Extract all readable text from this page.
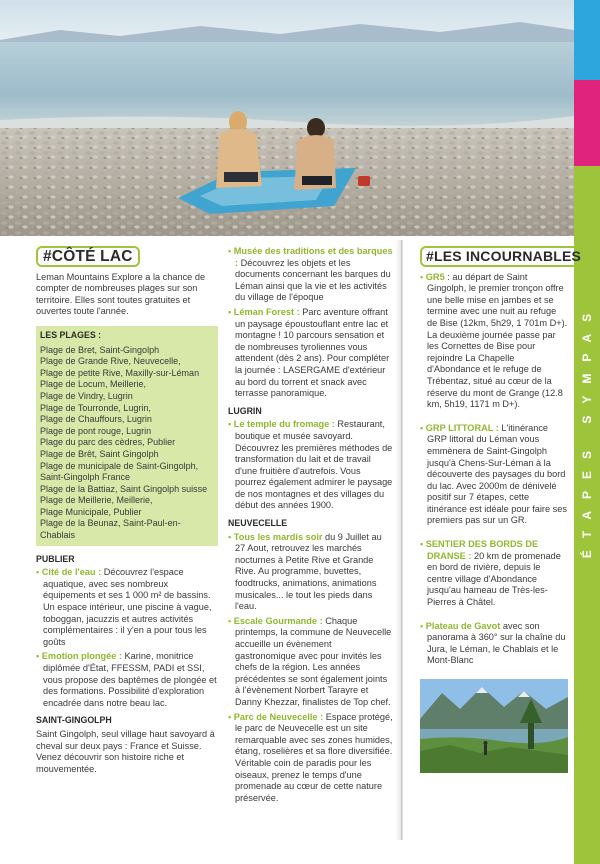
ÉTAPES SYMPAS
#CÔTÉ LAC

Leman Mountains Explore a la chance de compter de nombreuses plages sur son territoire. Elles sont toutes gratuites et ouvertes toute l'année.

LES PLAGES :
Plage de Bret, Saint-Gingolph
Plage de Grande Rive, Neuvecelle,
Plage de petite Rive, Maxilly-sur-Léman
Plage de Locum, Meillerie,
Plage de Vindry, Lugrin
Plage de Tourronde, Lugrin,
Plage de Chauffours, Lugrin
Plage de pont rouge, Lugrin
Plage du parc des cèdres, Publier
Plage de Brêt, Saint Gingolph
Plage de municipale de Saint-Gingolph, Saint-Gingolph France
Plage de la Battiaz, Saint Gingolph suisse
Plage de Meillerie, Meillerie,
Plage Municipale, Publier
Plage de la Beunaz, Saint-Paul-en-Chablais
PUBLIER

• Cité de l'eau : Découvrez l'espace aquatique, avec ses nombreux équipements et ses 1 000 m² de bassins. Un espace intérieur, une piscine à vague, toboggan, jacuzzis et autres activités complémentaires : il y'en a pour tous les goûts

• Emotion plongée : Karine, monitrice diplômée d'État, FFESSM, PADI et SSI, vous propose des baptêmes de plongée et des formations. Possibilité d'exploration encadrée dans notre beau lac.

SAINT-GINGOLPH

Saint Gingolph, seul village haut savoyard à cheval sur deux pays : France et Suisse. Venez découvrir son histoire riche et mouvementée.

• Musée des traditions et des barques : Découvrez les objets et les documents concernant les barques du Léman ainsi que la vie et les activités du village de l'époque

• Léman Forest : Parc aventure offrant un paysage époustouflant entre lac et montagne ! 10 parcours sensation et de nombreuses tyroliennes vous attendent (dès 2 ans). Pour compléter la journée : LASERGAME d'extérieur au bord du torrent et snack avec terrasse panoramique.

LUGRIN

• Le temple du fromage : Restaurant, boutique et musée savoyard. Découvrez les premières méthodes de transformation du lait et de travail d'une fruitière d'autrefois. Vous pourrez également admirer le paysage de nos montagnes et des villages du début des années 1900.

NEUVECELLE

• Tous les mardis soir du 9 Juillet au 27 Aout, retrouvez les marchés nocturnes à Petite Rive et Grande Rive. Au programme, buvettes, foodtrucks, animations, animations musicales... le tout les pieds dans l'eau.

• Escale Gourmande : Chaque printemps, la commune de Neuvecelle accueille un évènement gastronomique avec pour invités les chefs de la région. Les années précédentes se sont également joints à l'évènement Norbert Tarayre et Danny Khezzar, finalistes de Top chef.

• Parc de Neuvecelle : Espace protégé, le parc de Neuvecelle est un site remarquable avec ses zones humides, étang, roselières et sa flore diversifiée. Véritable coin de paradis pour les oiseaux, prenez le temps d'une promenade au cœur de cette nature préservée.

#LES INCOURNABLES

• GR5 : au départ de Saint Gingolph, le premier tronçon offre une belle mise en jambes et se termine avec une nuit au refuge de Bise (12km, 5h29, 1 701m D+). La deuxième journée passe par les Cornettes de Bise pour rejoindre La Chapelle d'Abondance et le refuge de Trébentaz, situé au cœur de la réserve du mont de Grange (12.8 km, 5h19, 1171 m D+).

• GRP LITTORAL : L'itinérance GRP littoral du Léman vous emmènera de Saint-Gingolph jusqu'à Chens-Sur-Léman à la découverte des paysages du bord du lac. Avec 2000m de dénivelé positif sur 7 étapes, cette itinérance est idéale pour faire ses premiers pas sur un GR.

• SENTIER DES BORDS DE DRANSE : 20 km de promenade en bord de rivière, depuis le centre village d'Abondance jusqu'au hameau de Très-les-Pierres à Châtel.

• Plateau de Gavot avec son panorama à 360° sur la chaîne du Jura, le Léman, le Chablais et le Mont-Blanc
